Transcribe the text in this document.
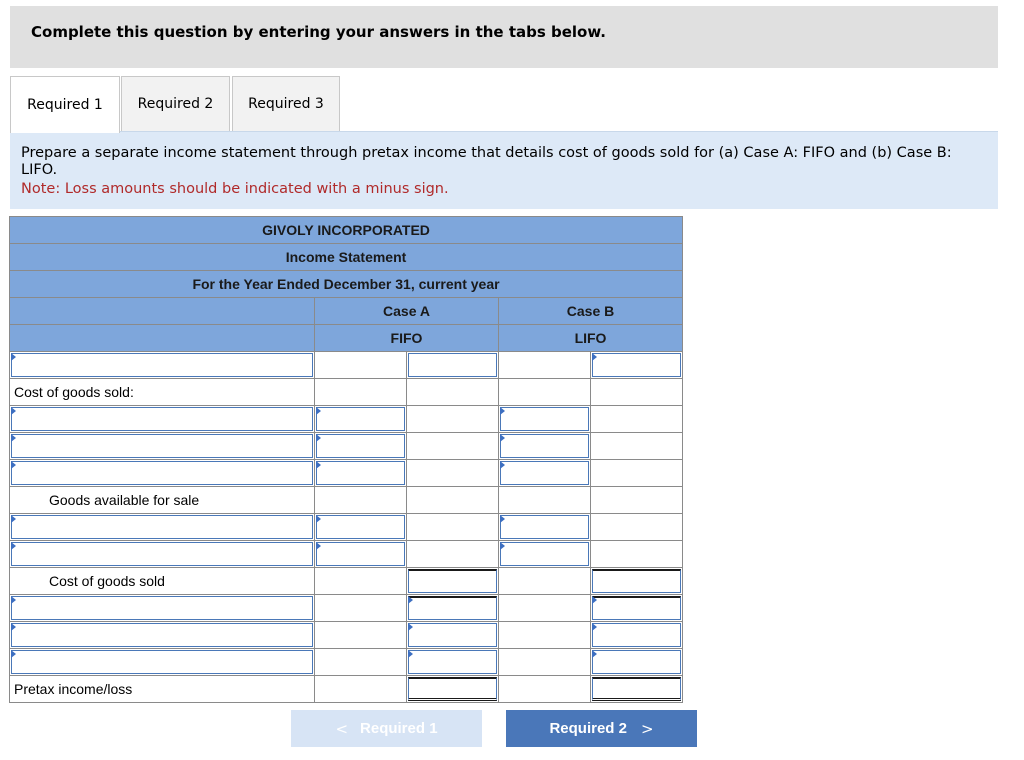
Complete this question by entering your answers in the tabs below.
Required 1	Required 2	Required 3
Prepare a separate income statement through pretax income that details cost of goods sold for (a) Case A: FIFO and (b) Case B: LIFO.
Note: Loss amounts should be indicated with a minus sign.
GIVOLY INCORPORATED				
Income Statement				
For the Year Ended December 31, current year				
	Case A		Case B	
	FIFO		LIFO	

Cost of goods sold:				

Goods available for sale				

Cost of goods sold		

Pretax income/loss		

< Required 1	Required 2 >
